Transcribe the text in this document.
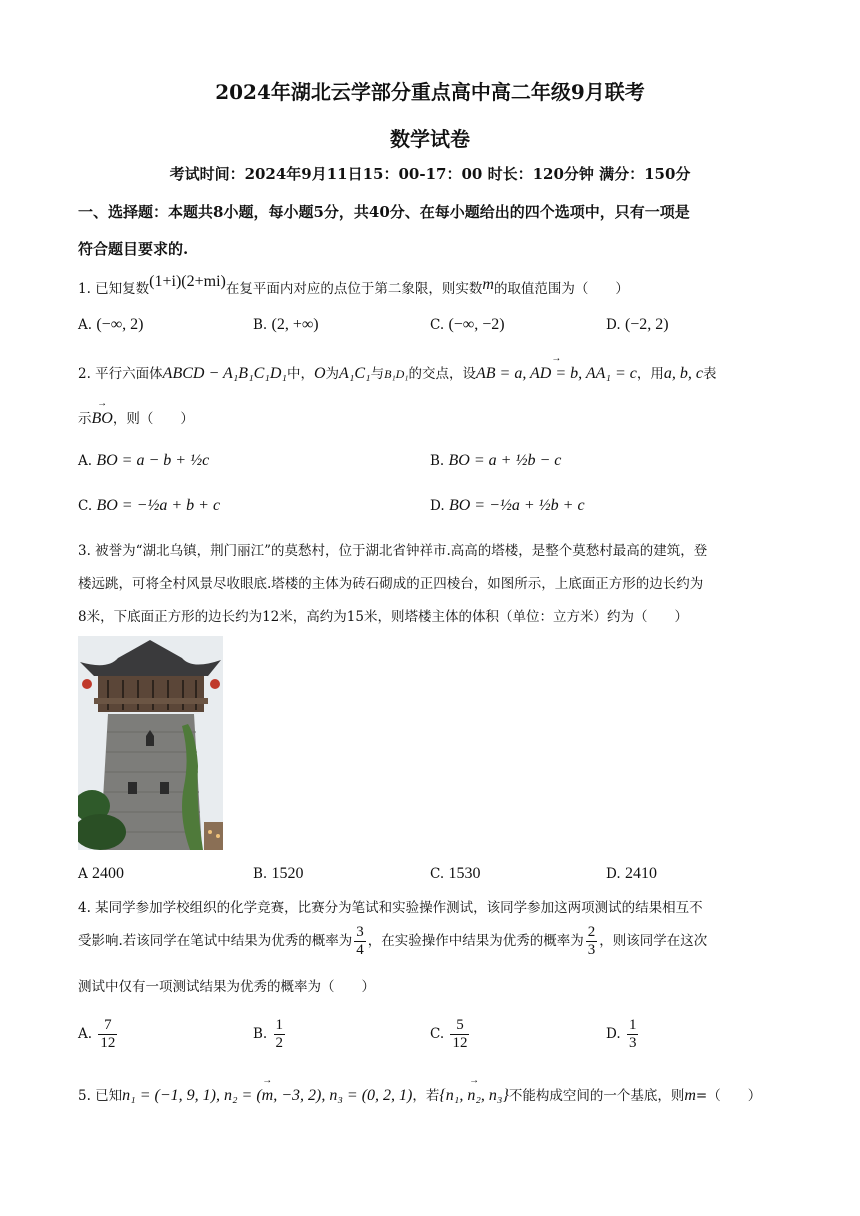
2024年湖北云学部分重点高中高二年级9月联考
数学试卷
考试时间：2024年9月11日15：00-17：00 时长：120分钟 满分：150分
一、选择题：本题共8小题，每小题5分，共40分、在每小题给出的四个选项中，只有一项是
符合题目要求的.
1. 已知复数(1+i)(2+mi)在复平面内对应的点位于第二象限，则实数m的取值范围为（　　）
A. (−∞, 2)	B. (2, +∞)	C. (−∞, −2)	D. (−2, 2)
2. 平行六面体ABCD − A₁B₁C₁D₁中，O为A₁C₁与B₁D₁的交点，设→ AB = a, AD = b, AA₁ = c，用a, b, c表
示→ BO，则（　　）
A. BO = a − b + ½c	B. BO = a + ½b − c
C. BO = −½a + b + c	D. BO = −½a + ½b + c
3. 被誉为“湖北乌镇，荆门丽江”的莫愁村，位于湖北省钟祥市.高高的塔楼，是整个莫愁村最高的建筑，登
楼远跳，可将全村风景尽收眼底.塔楼的主体为砖石砌成的正四棱台，如图所示，上底面正方形的边长约为
8米，下底面正方形的边长约为12米，高约为15米，则塔楼主体的体积（单位：立方米）约为（　　）
A 2400	B. 1520	C. 1530	D. 2410
4. 某同学参加学校组织的化学竞赛，比赛分为笔试和实验操作测试，该同学参加这两项测试的结果相互不
受影响.若该同学在笔试中结果为优秀的概率为 $\frac{3}{4}$ ，在实验操作中结果为优秀的概率为 $\frac{2}{3}$ ，则该同学在这次
测试中仅有一项测试结果为优秀的概率为（　　）
A. $\frac{7}{12}$	B. $\frac{1}{2}$	C. $\frac{5}{12}$	D. $\frac{1}{3}$
5. 已知→ n₁ = (−1, 9, 1), n₂ = (m, −3, 2), n₃ = (0, 2, 1)，若→ {n₁, n₂, n₃}不能构成空间的一个基底，则m=（　　）
